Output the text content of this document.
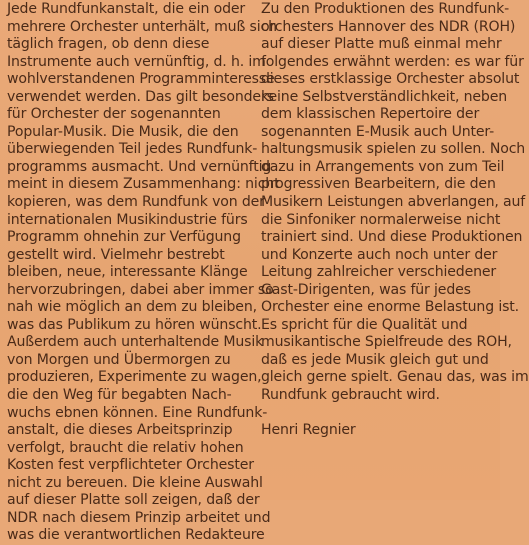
Jede Rundfunkanstalt, die ein oder
mehrere Orchester unterhält, muß sich
täglich fragen, ob denn diese
Instrumente auch vernünftig, d. h. im
wohlverstandenen Programminteresse
verwendet werden. Das gilt besonders
für Orchester der sogenannten
Popular-Musik. Die Musik, die den
überwiegenden Teil jedes Rundfunk-
programms ausmacht. Und vernünftig
meint in diesem Zusammenhang: nicht
kopieren, was dem Rundfunk von der
internationalen Musikindustrie fürs
Programm ohnehin zur Verfügung
gestellt wird. Vielmehr bestrebt
bleiben, neue, interessante Klänge
hervorzubringen, dabei aber immer so
nah wie möglich an dem zu bleiben,
was das Publikum zu hören wünscht.
Außerdem auch unterhaltende Musik
von Morgen und Übermorgen zu
produzieren, Experimente zu wagen,
die den Weg für begabten Nach-
wuchs ebnen können. Eine Rundfunk-
anstalt, die dieses Arbeitsprinzip
verfolgt, braucht die relativ hohen
Kosten fest verpflichteter Orchester
nicht zu bereuen. Die kleine Auswahl
auf dieser Platte soll zeigen, daß der
NDR nach diesem Prinzip arbeitet und
was die verantwortlichen Redakteure
Zu den Produktionen des Rundfunk-
orchesters Hannover des NDR (ROH)
auf dieser Platte muß einmal mehr
folgendes erwähnt werden: es war für
dieses erstklassige Orchester absolut
keine Selbstverständlichkeit, neben
dem klassischen Repertoire der
sogenannten E-Musik auch Unter-
haltungsmusik spielen zu sollen. Noch
dazu in Arrangements von zum Teil
progressiven Bearbeitern, die den
Musikern Leistungen abverlangen, auf
die Sinfoniker normalerweise nicht
trainiert sind. Und diese Produktionen
und Konzerte auch noch unter der
Leitung zahlreicher verschiedener
Gast-Dirigenten, was für jedes
Orchester eine enorme Belastung ist.
Es spricht für die Qualität und
musikantische Spielfreude des ROH,
daß es jede Musik gleich gut und
gleich gerne spielt. Genau das, was im
Rundfunk gebraucht wird.
Henri Regnier
